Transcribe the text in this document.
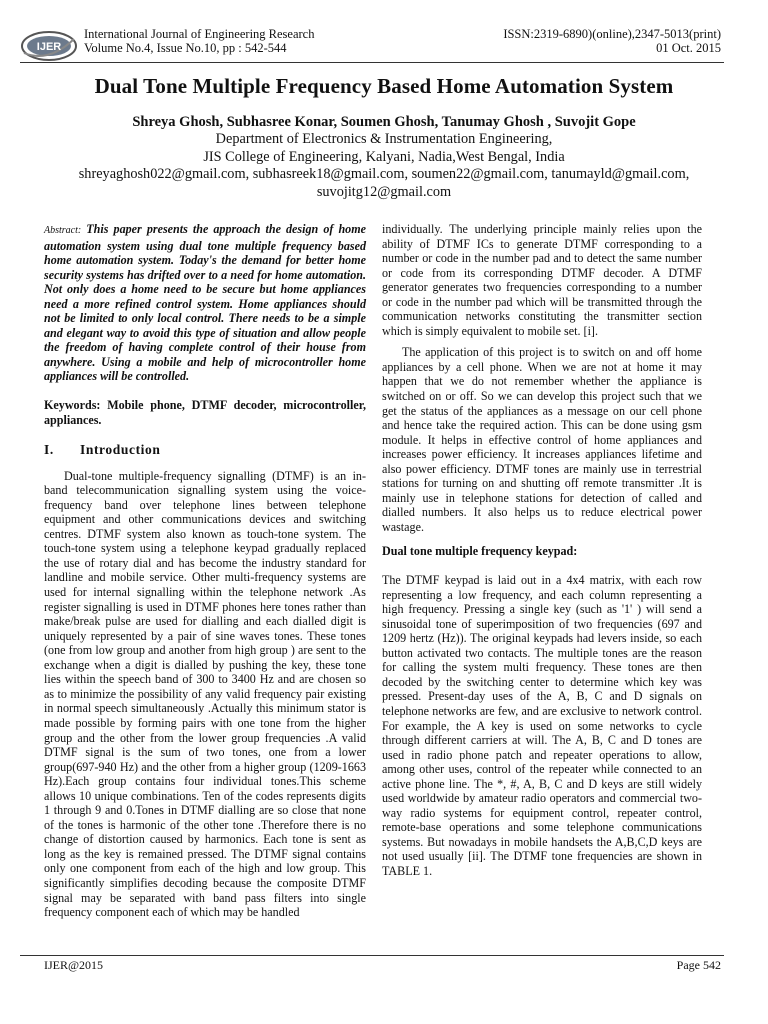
IJER
International Journal of Engineering Research
Volume No.4, Issue No.10, pp : 542-544
ISSN:2319-6890)(online),2347-5013(print)
01 Oct. 2015
Dual Tone Multiple Frequency Based Home Automation System
Shreya Ghosh, Subhasree Konar, Soumen Ghosh, Tanumay Ghosh , Suvojit Gope
Department of Electronics & Instrumentation Engineering,
JIS College of Engineering, Kalyani, Nadia,West Bengal, India
shreyaghosh022@gmail.com, subhasreek18@gmail.com, soumen22@gmail.com, tanumayld@gmail.com,
suvojitg12@gmail.com

Abstract: This paper presents the approach the design of home automation system using dual tone multiple frequency based home automation system. Today's the demand for better home security systems has drifted over to a need for home automation. Not only does a home need to be secure but home appliances need a more refined control system. Home appliances should not be limited to only local control. There needs to be a simple and elegant way to avoid this type of situation and allow people the freedom of having complete control of their house from anywhere. Using a mobile and help of microcontroller home appliances will be controlled.

Keywords: Mobile phone, DTMF decoder, microcontroller, appliances.

I. Introduction

Dual-tone multiple-frequency signalling (DTMF) is an in-band telecommunication signalling system using the voice-frequency band over telephone lines between telephone equipment and other communications devices and switching centres. DTMF system also known as touch-tone system. The touch-tone system using a telephone keypad gradually replaced the use of rotary dial and has become the industry standard for landline and mobile service. Other multi-frequency systems are used for internal signalling within the telephone network .As register signalling is used in DTMF phones here tones rather than make/break pulse are used for dialling and each dialled digit is uniquely represented by a pair of sine waves tones. These tones (one from low group and another from high group ) are sent to the exchange when a digit is dialled by pushing the key, these tone lies within the speech band of 300 to 3400 Hz and are chosen so as to minimize the possibility of any valid frequency pair existing in normal speech simultaneously .Actually this minimum stator is made possible by forming pairs with one tone from the higher group and the other from the lower group frequencies .A valid DTMF signal is the sum of two tones, one from a lower group(697-940 Hz) and the other from a higher group (1209-1663 Hz).Each group contains four individual tones.This scheme allows 10 unique combinations. Ten of the codes represents digits 1 through 9 and 0.Tones in DTMF dialling are so close that none of the tones is harmonic of the other tone .Therefore there is no change of distortion caused by harmonics. Each tone is sent as long as the key is remained pressed. The DTMF signal contains only one component from each of the high and low group. This significantly simplifies decoding because the composite DTMF signal may be separated with band pass filters into single frequency component each of which may be handled

individually. The underlying principle mainly relies upon the ability of DTMF ICs to generate DTMF corresponding to a number or code in the number pad and to detect the same number or code from its corresponding DTMF decoder. A DTMF generator generates two frequencies corresponding to a number or code in the number pad which will be transmitted through the communication networks constituting the transmitter section which is simply equivalent to mobile set. [i].

The application of this project is to switch on and off home appliances by a cell phone. When we are not at home it may happen that we do not remember whether the appliance is switched on or off. So we can develop this project such that we get the status of the appliances as a message on our cell phone and hence take the required action. This can be done using gsm module. It helps in effective control of home appliances and increases power efficiency. It increases appliances lifetime and also power efficiency. DTMF tones are mainly use in terrestrial stations for turning on and shutting off remote transmitter .It is mainly use in telephone stations for detection of called and dialled numbers. It also helps us to reduce electrical power wastage.

Dual tone multiple frequency keypad:

The DTMF keypad is laid out in a 4x4 matrix, with each row representing a low frequency, and each column representing a high frequency. Pressing a single key (such as '1' ) will send a sinusoidal tone of superimposition of two frequencies (697 and 1209 hertz (Hz)). The original keypads had levers inside, so each button activated two contacts. The multiple tones are the reason for calling the system multi frequency. These tones are then decoded by the switching center to determine which key was pressed. Present-day uses of the A, B, C and D signals on telephone networks are few, and are exclusive to network control. For example, the A key is used on some networks to cycle through different carriers at will. The A, B, C and D tones are used in radio phone patch and repeater operations to allow, among other uses, control of the repeater while connected to an active phone line. The *, #, A, B, C and D keys are still widely used worldwide by amateur radio operators and commercial two-way radio systems for equipment control, repeater control, remote-base operations and some telephone communications systems. But nowadays in mobile handsets the A,B,C,D keys are not used usually [ii]. The DTMF tone frequencies are shown in TABLE 1.

IJER@2015	Page 542
